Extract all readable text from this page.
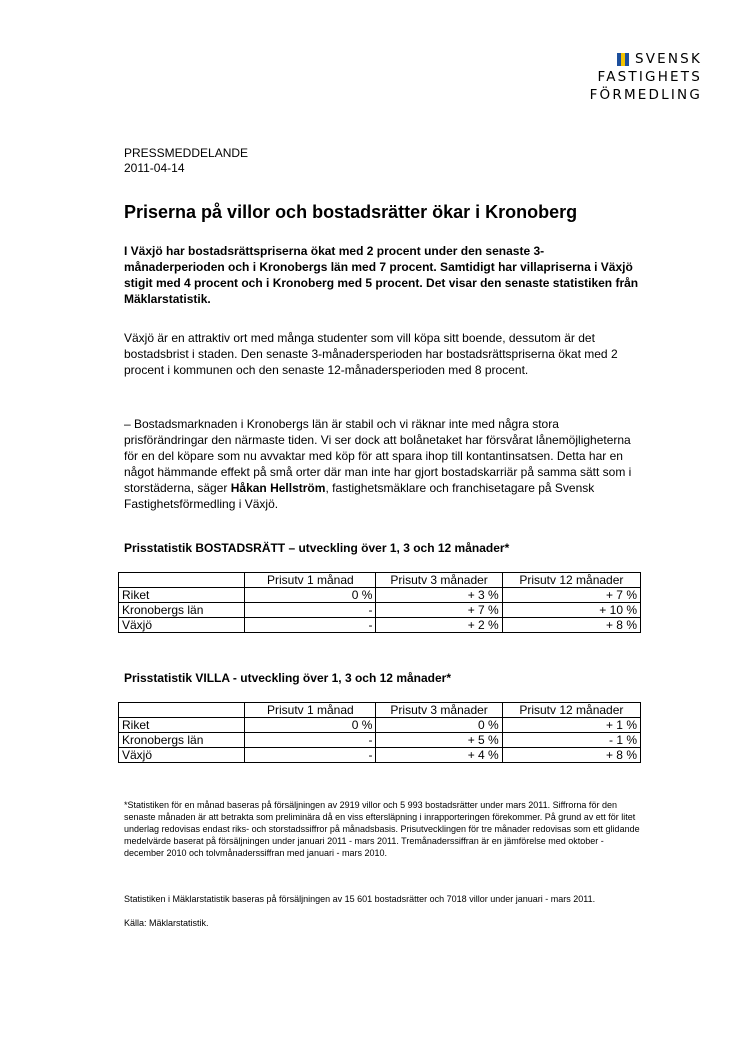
SVENSK
FASTIGHETS
FÖRMEDLING
PRESSMEDDELANDE
2011-04-14
Priserna på villor och bostadsrätter ökar i Kronoberg

I Växjö har bostadsrättspriserna ökat med 2 procent under den senaste 3-månaderperioden och i Kronobergs län med 7 procent. Samtidigt har villapriserna i Växjö stigit med 4 procent och i Kronoberg med 5 procent. Det visar den senaste statistiken från Mäklarstatistik.

Växjö är en attraktiv ort med många studenter som vill köpa sitt boende, dessutom är det bostadsbrist i staden. Den senaste 3-månadersperioden har bostadsrättspriserna ökat med 2 procent i kommunen och den senaste 12-månadersperioden med 8 procent.

– Bostadsmarknaden i Kronobergs län är stabil och vi räknar inte med några stora prisförändringar den närmaste tiden. Vi ser dock att bolånetaket har försvårat lånemöjligheterna för en del köpare som nu avvaktar med köp för att spara ihop till kontantinsatsen. Detta har en något hämmande effekt på små orter där man inte har gjort bostadskarriär på samma sätt som i storstäderna, säger Håkan Hellström, fastighetsmäklare och franchisetagare på Svensk Fastighetsförmedling i Växjö.

Prisstatistik BOSTADSRÄTT – utveckling över 1, 3 och 12 månader*

	Prisutv 1 månad	Prisutv 3 månader	Prisutv 12 månader
Riket	0 %	+ 3 %	+ 7 %
Kronobergs län	-	+ 7 %	+ 10 %
Växjö	-	+ 2 %	+ 8 %

Prisstatistik VILLA - utveckling över 1, 3 och 12 månader*

	Prisutv 1 månad	Prisutv 3 månader	Prisutv 12 månader
Riket	0 %	0 %	+ 1 %
Kronobergs län	-	+ 5 %	- 1 %
Växjö	-	+ 4 %	+ 8 %

*Statistiken för en månad baseras på försäljningen av 2919 villor och 5 993 bostadsrätter under mars 2011. Siffrorna för den senaste månaden är att betrakta som preliminära då en viss eftersläpning i inrapporteringen förekommer. På grund av ett för litet underlag redovisas endast riks- och storstadssiffror på månadsbasis. Prisutvecklingen för tre månader redovisas som ett glidande medelvärde baserat på försäljningen under januari 2011 - mars 2011. Tremånaderssiffran är en jämförelse med oktober - december 2010 och tolvmånaderssiffran med januari - mars 2010.

Statistiken i Mäklarstatistik baseras på försäljningen av 15 601 bostadsrätter och 7018 villor under januari - mars 2011.

Källa: Mäklarstatistik.
